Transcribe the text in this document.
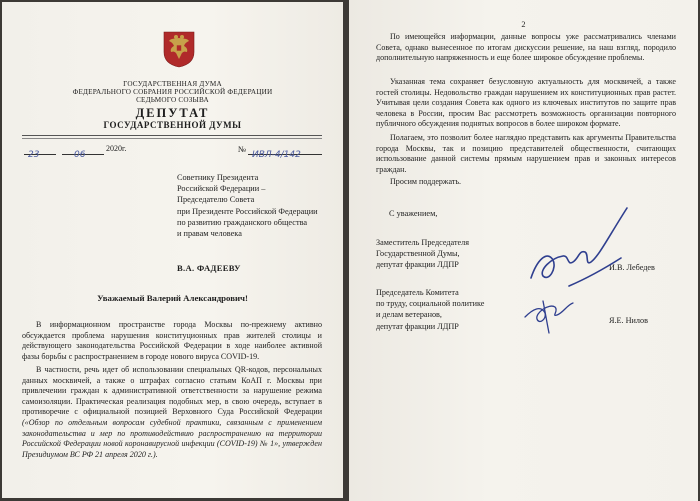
ГОСУДАРСТВЕННАЯ ДУМА
ФЕДЕРАЛЬНОГО СОБРАНИЯ РОССИЙСКОЙ ФЕДЕРАЦИИ
СЕДЬМОГО СОЗЫВА
ДЕПУТАТ
ГОСУДАРСТВЕННОЙ ДУМЫ
23	06
2020г.	№
ИВЛ-4/142
Советнику Президента
Российской Федерации –
Председателю Совета
при Президенте Российской Федерации
по развитию гражданского общества
и правам человека
В.А. ФАДЕЕВУ
Уважаемый Валерий Александрович!

В информационном пространстве города Москвы по-прежнему активно обсуждается проблема нарушения конституционных прав жителей столицы и действующего законодательства Российской Федерации в ходе наиболее активной фазы борьбы с распространением в городе нового вируса COVID-19.

В частности, речь идет об использовании специальных QR-кодов, персональных данных москвичей, а также о штрафах согласно статьям КоАП г. Москвы при привлечении граждан к административной ответственности за нарушение режима самоизоляции. Практическая реализация подобных мер, в свою очередь, вступает в противоречие с официальной позицией Верховного Суда Российской Федерации («Обзор по отдельным вопросам судебной практики, связанным с применением законодательства и мер по противодействию распространению на территории Российской Федерации новой коронавирусной инфекции (COVID-19) № 1», утвержден Президиумом ВС РФ 21 апреля 2020 г.).

2

По имеющейся информации, данные вопросы уже рассматривались членами Совета, однако вынесенное по итогам дискуссии решение, на наш взгляд, породило дополнительную напряженность и еще более широкое обсуждение проблемы.

Указанная тема сохраняет безусловную актуальность для москвичей, а также гостей столицы. Недовольство граждан нарушением их конституционных прав растет. Учитывая цели создания Совета как одного из ключевых институтов по защите прав человека в России, просим Вас рассмотреть возможность организации повторного публичного обсуждения поднятых вопросов в более широком формате.

Полагаем, это позволит более наглядно представить как аргументы Правительства города Москвы, так и позицию представителей общественности, считающих использование данной системы прямым нарушением прав и законных интересов граждан.

Просим поддержать.

С уважением,
Заместитель Председателя
Государственной Думы,
депутат фракции ЛДПР	И.В. Лебедев
Председатель Комитета
по труду, социальной политике
и делам ветеранов,
депутат фракции ЛДПР
Я.Е. Нилов
